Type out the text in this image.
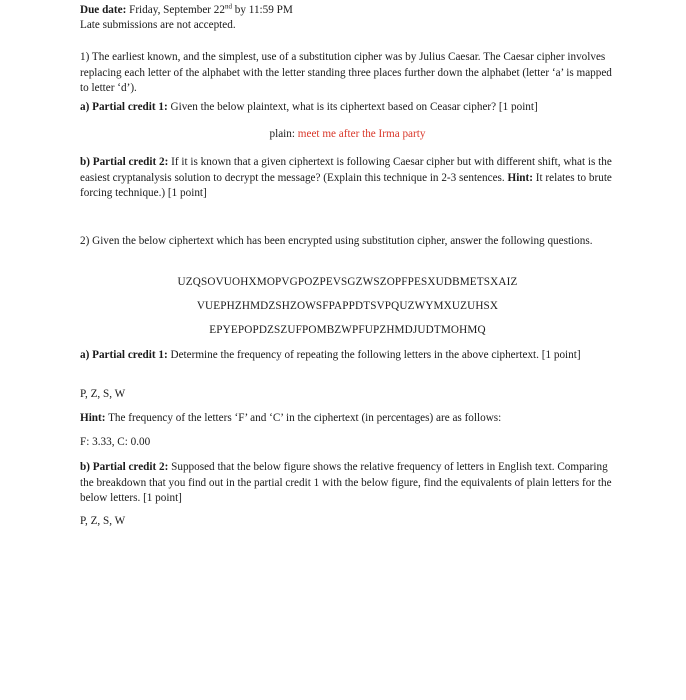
Due date: Friday, September 22nd by 11:59 PM
Late submissions are not accepted.
1) The earliest known, and the simplest, use of a substitution cipher was by Julius Caesar. The Caesar cipher involves replacing each letter of the alphabet with the letter standing three places further down the alphabet (letter ‘a’ is mapped to letter ‘d’).
a) Partial credit 1: Given the below plaintext, what is its ciphertext based on Ceasar cipher? [1 point]
plain: meet me after the Irma party
b) Partial credit 2: If it is known that a given ciphertext is following Caesar cipher but with different shift, what is the easiest cryptanalysis solution to decrypt the message? (Explain this technique in 2-3 sentences. Hint: It relates to brute forcing technique.) [1 point]
2) Given the below ciphertext which has been encrypted using substitution cipher, answer the following questions.
UZQSOVUOHXMOPVGPOZPEVSGZWSZOPFPESXUDBMETSXAIZ
VUEPHZHMDZSHZOWSFPAPPDTSVPQUZWYMXUZUHSX
EPYEPOPDZSZUFPOMBZWPFUPZHMDJUDTMOHMQ
a) Partial credit 1: Determine the frequency of repeating the following letters in the above ciphertext. [1 point]
P, Z, S, W
Hint: The frequency of the letters ‘F’ and ‘C’ in the ciphertext (in percentages) are as follows:
F: 3.33, C: 0.00
b) Partial credit 2: Supposed that the below figure shows the relative frequency of letters in English text. Comparing the breakdown that you find out in the partial credit 1 with the below figure, find the equivalents of plain letters for the below letters. [1 point]
P, Z, S, W
